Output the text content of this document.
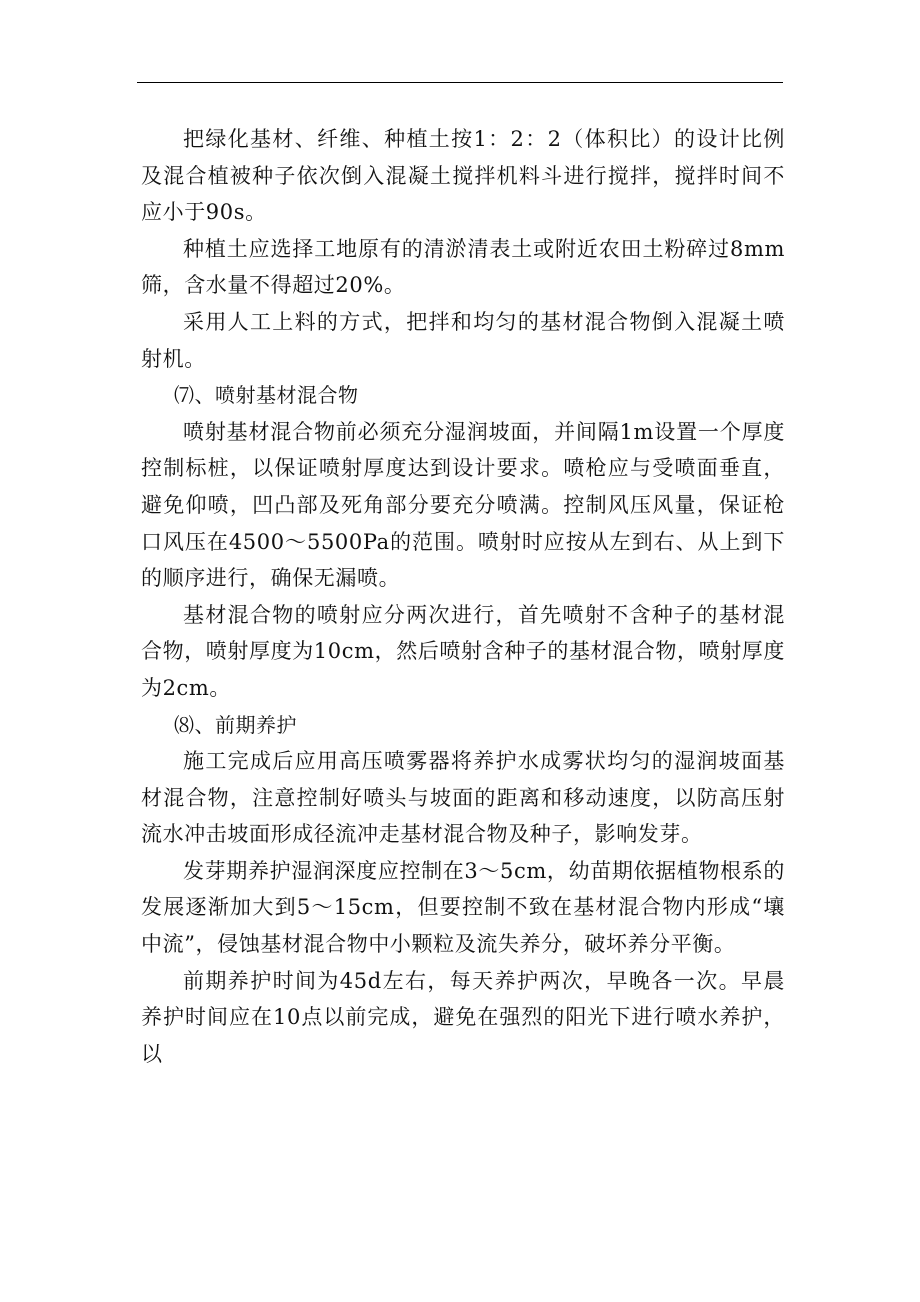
把绿化基材、纤维、种植土按1：2：2（体积比）的设计比例及混合植被种子依次倒入混凝土搅拌机料斗进行搅拌，搅拌时间不应小于90s。

种植土应选择工地原有的清淤清表土或附近农田土粉碎过8mm筛，含水量不得超过20%。

采用人工上料的方式，把拌和均匀的基材混合物倒入混凝土喷射机。

⑺、喷射基材混合物

喷射基材混合物前必须充分湿润坡面，并间隔1m设置一个厚度控制标桩，以保证喷射厚度达到设计要求。喷枪应与受喷面垂直，避免仰喷，凹凸部及死角部分要充分喷满。控制风压风量，保证枪口风压在4500～5500Pa的范围。喷射时应按从左到右、从上到下的顺序进行，确保无漏喷。

基材混合物的喷射应分两次进行，首先喷射不含种子的基材混合物，喷射厚度为10cm，然后喷射含种子的基材混合物，喷射厚度为2cm。

⑻、前期养护

施工完成后应用高压喷雾器将养护水成雾状均匀的湿润坡面基材混合物，注意控制好喷头与坡面的距离和移动速度，以防高压射流水冲击坡面形成径流冲走基材混合物及种子，影响发芽。

发芽期养护湿润深度应控制在3～5cm，幼苗期依据植物根系的发展逐渐加大到5～15cm，但要控制不致在基材混合物内形成“壤中流”，侵蚀基材混合物中小颗粒及流失养分，破坏养分平衡。

前期养护时间为45d左右，每天养护两次，早晚各一次。早晨养护时间应在10点以前完成，避免在强烈的阳光下进行喷水养护，以
